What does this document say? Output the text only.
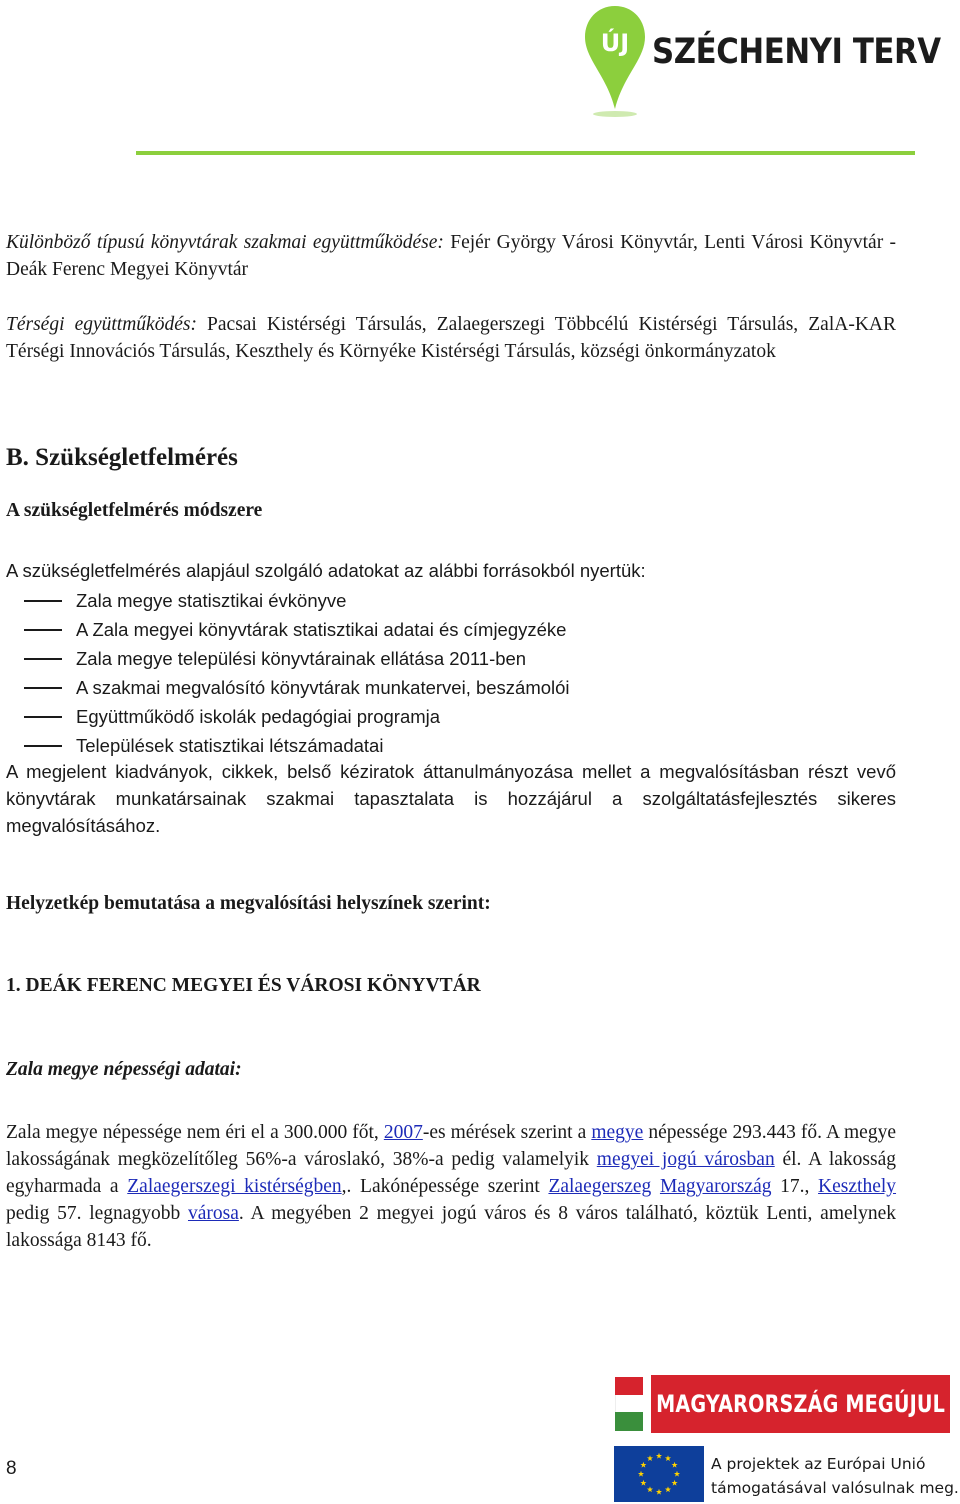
ÚJ SZÉCHENYI TERV
Különböző típusú könyvtárak szakmai együttműködése: Fejér György Városi Könyvtár, Lenti Városi Könyvtár - Deák Ferenc Megyei Könyvtár
Térségi együttműködés: Pacsai Kistérségi Társulás, Zalaegerszegi Többcélú Kistérségi Társulás, ZalA-KAR Térségi Innovációs Társulás, Keszthely és Környéke Kistérségi Társulás, községi önkormányzatok
B. Szükségletfelmérés
A szükségletfelmérés módszere
A szükségletfelmérés alapjául szolgáló adatokat az alábbi forrásokból nyertük:
Zala megye statisztikai évkönyve
A Zala megyei könyvtárak statisztikai adatai és címjegyzéke
Zala megye települési könyvtárainak ellátása 2011-ben
A szakmai megvalósító könyvtárak munkatervei, beszámolói
Együttműködő iskolák pedagógiai programja
Települések statisztikai létszámadatai
A megjelent kiadványok, cikkek, belső kéziratok áttanulmányozása mellet a megvalósításban részt vevő könyvtárak munkatársainak szakmai tapasztalata is hozzájárul a szolgáltatásfejlesztés sikeres megvalósításához.
Helyzetkép bemutatása a megvalósítási helyszínek szerint:
1. DEÁK FERENC MEGYEI ÉS VÁROSI KÖNYVTÁR
Zala megye népességi adatai:
Zala megye népessége nem éri el a 300.000 főt, 2007-es mérések szerint a megye népessége 293.443 fő. A megye lakosságának megközelítőleg 56%-a városlakó, 38%-a pedig valamelyik megyei jogú városban él. A lakosság egyharmada a Zalaegerszegi kistérségben,. Lakónépessége szerint Zalaegerszeg Magyarország 17., Keszthely pedig 57. legnagyobb városa. A megyében 2 megyei jogú város és 8 város található, köztük Lenti, amelynek lakossága 8143 fő.
8
MAGYARORSZÁG MEGÚJUL
A projektek az Európai Unió
támogatásával valósulnak meg.
